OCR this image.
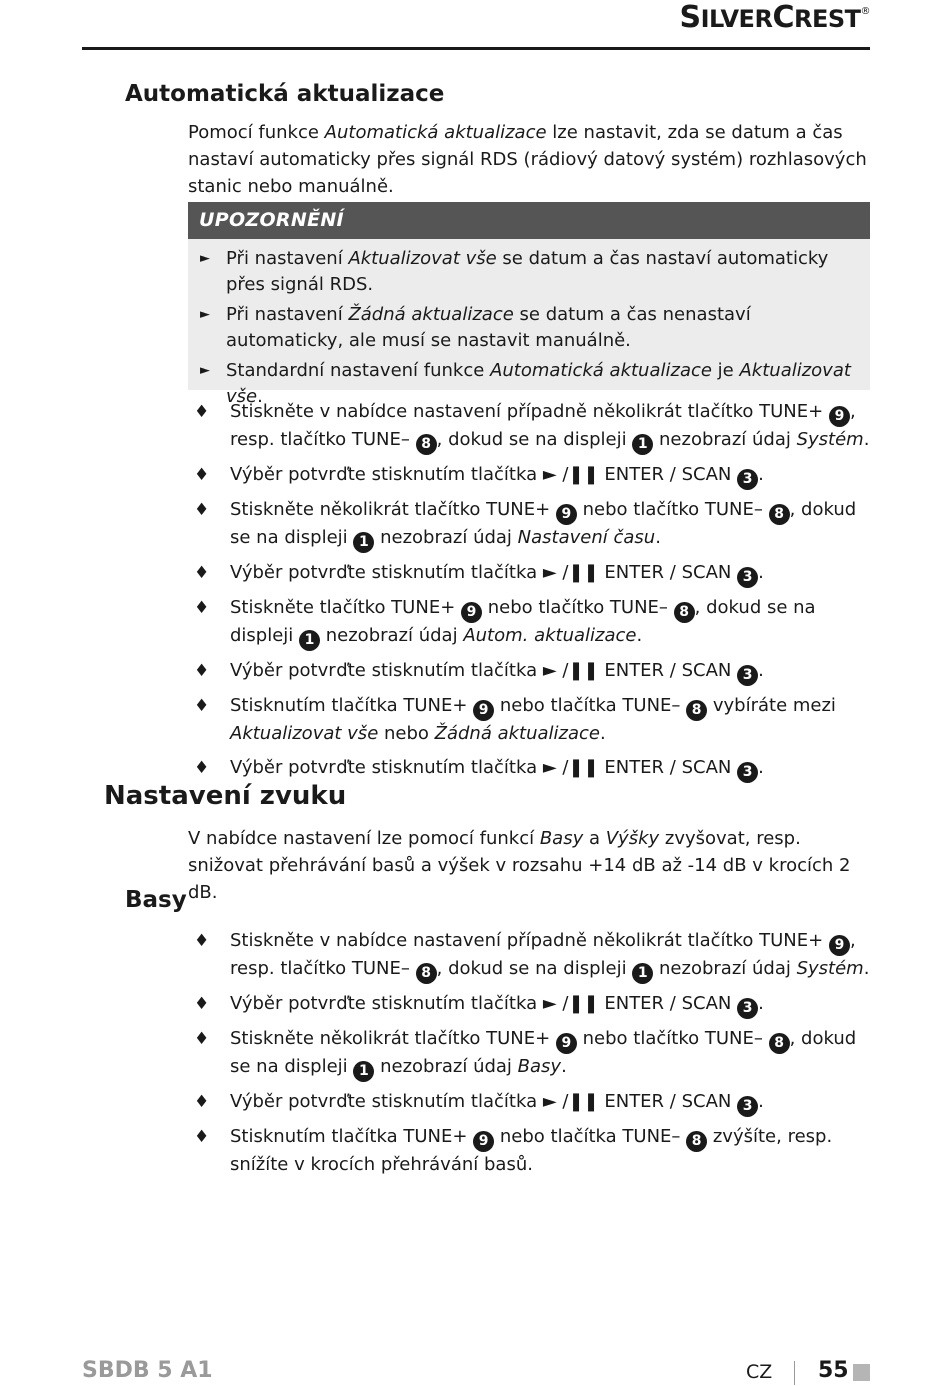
SILVERCREST®
Automatická aktualizace

Pomocí funkce Automatická aktualizace lze nastavit, zda se datum a čas nastaví automaticky přes signál RDS (rádiový datový systém) rozhlasových stanic nebo manuálně.

UPOZORNĚNÍ
► Při nastavení Aktualizovat vše se datum a čas nastaví automaticky přes signál RDS.
► Při nastavení Žádná aktualizace se datum a čas nenastaví automaticky, ale musí se nastavit manuálně.
► Standardní nastavení funkce Automatická aktualizace je Aktualizovat vše.
♦ Stiskněte v nabídce nastavení případně několikrát tlačítko TUNE+ 9 , resp. tlačítko TUNE– 8 , dokud se na displeji 1 nezobrazí údaj Systém.
♦ Výběr potvrďte stisknutím tlačítka ► /❚❚ ENTER / SCAN 3 .
♦ Stiskněte několikrát tlačítko TUNE+ 9 nebo tlačítko TUNE– 8 , dokud se na displeji 1 nezobrazí údaj Nastavení času.
♦ Výběr potvrďte stisknutím tlačítka ► /❚❚ ENTER / SCAN 3 .
♦ Stiskněte tlačítko TUNE+ 9 nebo tlačítko TUNE– 8 , dokud se na displeji 1 nezobrazí údaj Autom. aktualizace.
♦ Výběr potvrďte stisknutím tlačítka ► /❚❚ ENTER / SCAN 3 .
♦ Stisknutím tlačítka TUNE+ 9 nebo tlačítka TUNE– 8 vybíráte mezi Aktualizovat vše nebo Žádná aktualizace.
♦ Výběr potvrďte stisknutím tlačítka ► /❚❚ ENTER / SCAN 3 .
Nastavení zvuku

V nabídce nastavení lze pomocí funkcí Basy a Výšky zvyšovat, resp. snižovat přehrávání basů a výšek v rozsahu +14 dB až -14 dB v krocích 2 dB.

Basy
♦ Stiskněte v nabídce nastavení případně několikrát tlačítko TUNE+ 9 , resp. tlačítko TUNE– 8 , dokud se na displeji 1 nezobrazí údaj Systém.
♦ Výběr potvrďte stisknutím tlačítka ► /❚❚ ENTER / SCAN 3 .
♦ Stiskněte několikrát tlačítko TUNE+ 9 nebo tlačítko TUNE– 8 , dokud se na displeji 1 nezobrazí údaj Basy.
♦ Výběr potvrďte stisknutím tlačítka ► /❚❚ ENTER / SCAN 3 .
♦ Stisknutím tlačítka TUNE+ 9 nebo tlačítka TUNE– 8 zvýšíte, resp. snížíte v krocích přehrávání basů.
SBDB 5 A1	CZ 55
